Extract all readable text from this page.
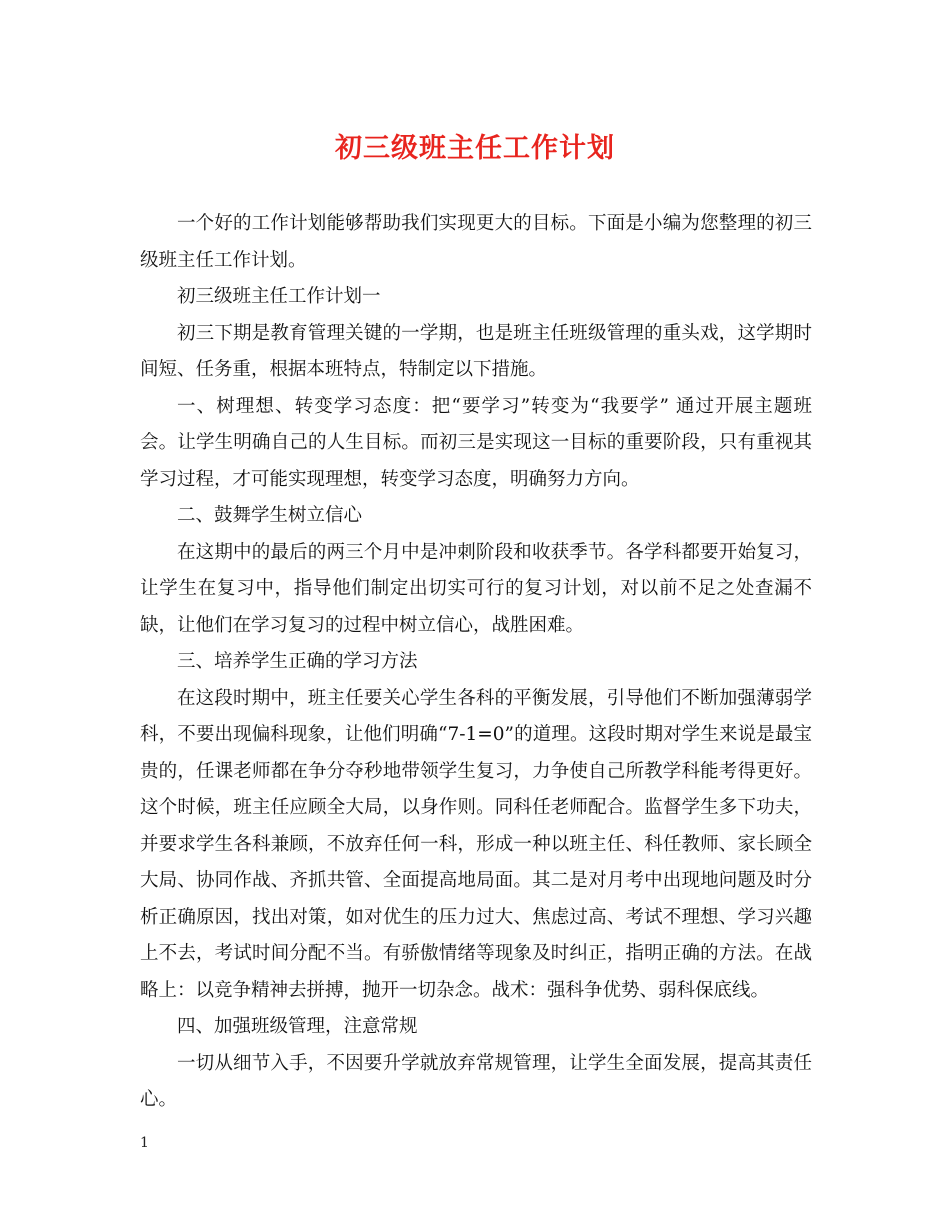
初三级班主任工作计划

一个好的工作计划能够帮助我们实现更大的目标。下面是小编为您整理的初三级班主任工作计划。

初三级班主任工作计划一

初三下期是教育管理关键的一学期，也是班主任班级管理的重头戏，这学期时间短、任务重，根据本班特点，特制定以下措施。

一、树理想、转变学习态度：把“要学习”转变为“我要学” 通过开展主题班会。让学生明确自己的人生目标。而初三是实现这一目标的重要阶段，只有重视其学习过程，才可能实现理想，转变学习态度，明确努力方向。

二、鼓舞学生树立信心

在这期中的最后的两三个月中是冲刺阶段和收获季节。各学科都要开始复习，让学生在复习中，指导他们制定出切实可行的复习计划，对以前不足之处查漏不缺，让他们在学习复习的过程中树立信心，战胜困难。

三、培养学生正确的学习方法

在这段时期中，班主任要关心学生各科的平衡发展，引导他们不断加强薄弱学科，不要出现偏科现象，让他们明确“7-1=0”的道理。这段时期对学生来说是最宝贵的，任课老师都在争分夺秒地带领学生复习，力争使自己所教学科能考得更好。这个时候，班主任应顾全大局，以身作则。同科任老师配合。监督学生多下功夫，并要求学生各科兼顾，不放弃任何一科，形成一种以班主任、科任教师、家长顾全大局、协同作战、齐抓共管、全面提高地局面。其二是对月考中出现地问题及时分析正确原因，找出对策，如对优生的压力过大、焦虑过高、考试不理想、学习兴趣上不去，考试时间分配不当。有骄傲情绪等现象及时纠正，指明正确的方法。在战略上：以竞争精神去拼搏，抛开一切杂念。战术：强科争优势、弱科保底线。

四、加强班级管理，注意常规

一切从细节入手，不因要升学就放弃常规管理，让学生全面发展，提高其责任心。

1
